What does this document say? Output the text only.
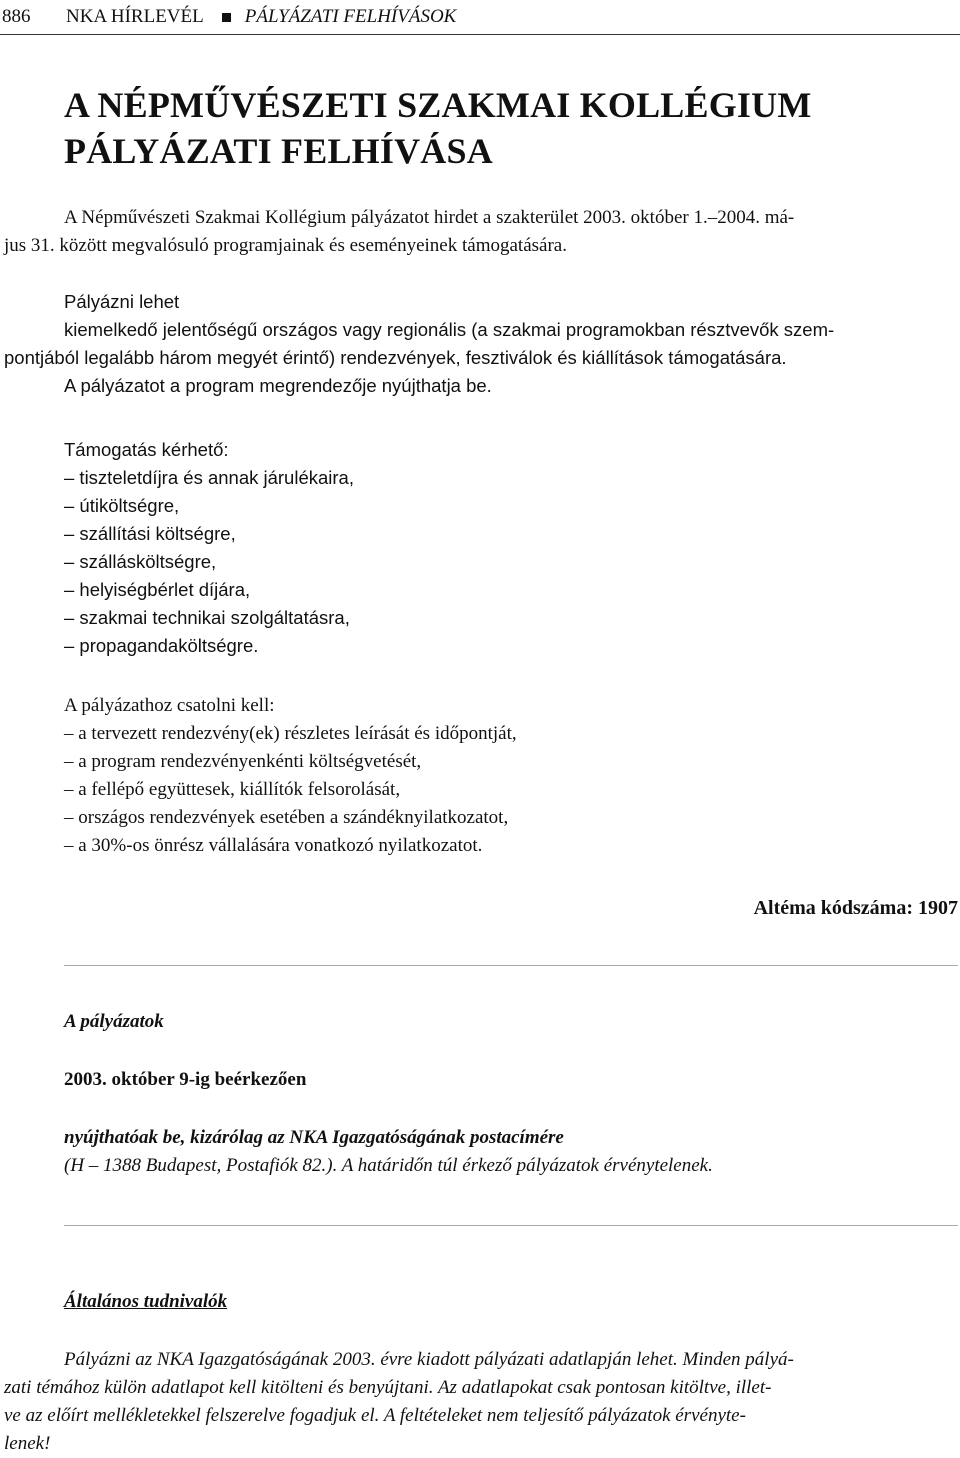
886	NKA HÍRLEVÉL PÁLYÁZATI FELHÍVÁSOK
A NÉPMŰVÉSZETI SZAKMAI KOLLÉGIUM
PÁLYÁZATI FELHÍVÁSA
A Népművészeti Szakmai Kollégium pályázatot hirdet a szakterület 2003. október 1.–2004. má-
jus 31. között megvalósuló programjainak és eseményeinek támogatására.
Pályázni lehet
kiemelkedő jelentőségű országos vagy regionális (a szakmai programokban résztvevők szem-
pontjából legalább három megyét érintő) rendezvények, fesztiválok és kiállítások támogatására.
A pályázatot a program megrendezője nyújthatja be.
Támogatás kérhető:
– tiszteletdíjra és annak járulékaira,
– útiköltségre,
– szállítási költségre,
– szállásköltségre,
– helyiségbérlet díjára,
– szakmai technikai szolgáltatásra,
– propagandaköltségre.
A pályázathoz csatolni kell:
– a tervezett rendezvény(ek) részletes leírását és időpontját,
– a program rendezvényenkénti költségvetését,
– a fellépő együttesek, kiállítók felsorolását,
– országos rendezvények esetében a szándéknyilatkozatot,
– a 30%-os önrész vállalására vonatkozó nyilatkozatot.
Altéma kódszáma: 1907
A pályázatok
2003. október 9-ig beérkezően
nyújthatóak be, kizárólag az NKA Igazgatóságának postacímére
(H – 1388 Budapest, Postafiók 82.). A határidőn túl érkező pályázatok érvénytelenek.
Általános tudnivalók
Pályázni az NKA Igazgatóságának 2003. évre kiadott pályázati adatlapján lehet. Minden pályá-
zati témához külön adatlapot kell kitölteni és benyújtani. Az adatlapokat csak pontosan kitöltve, illet-
ve az előírt mellékletekkel felszerelve fogadjuk el. A feltételeket nem teljesítő pályázatok érvényte-
lenek!
